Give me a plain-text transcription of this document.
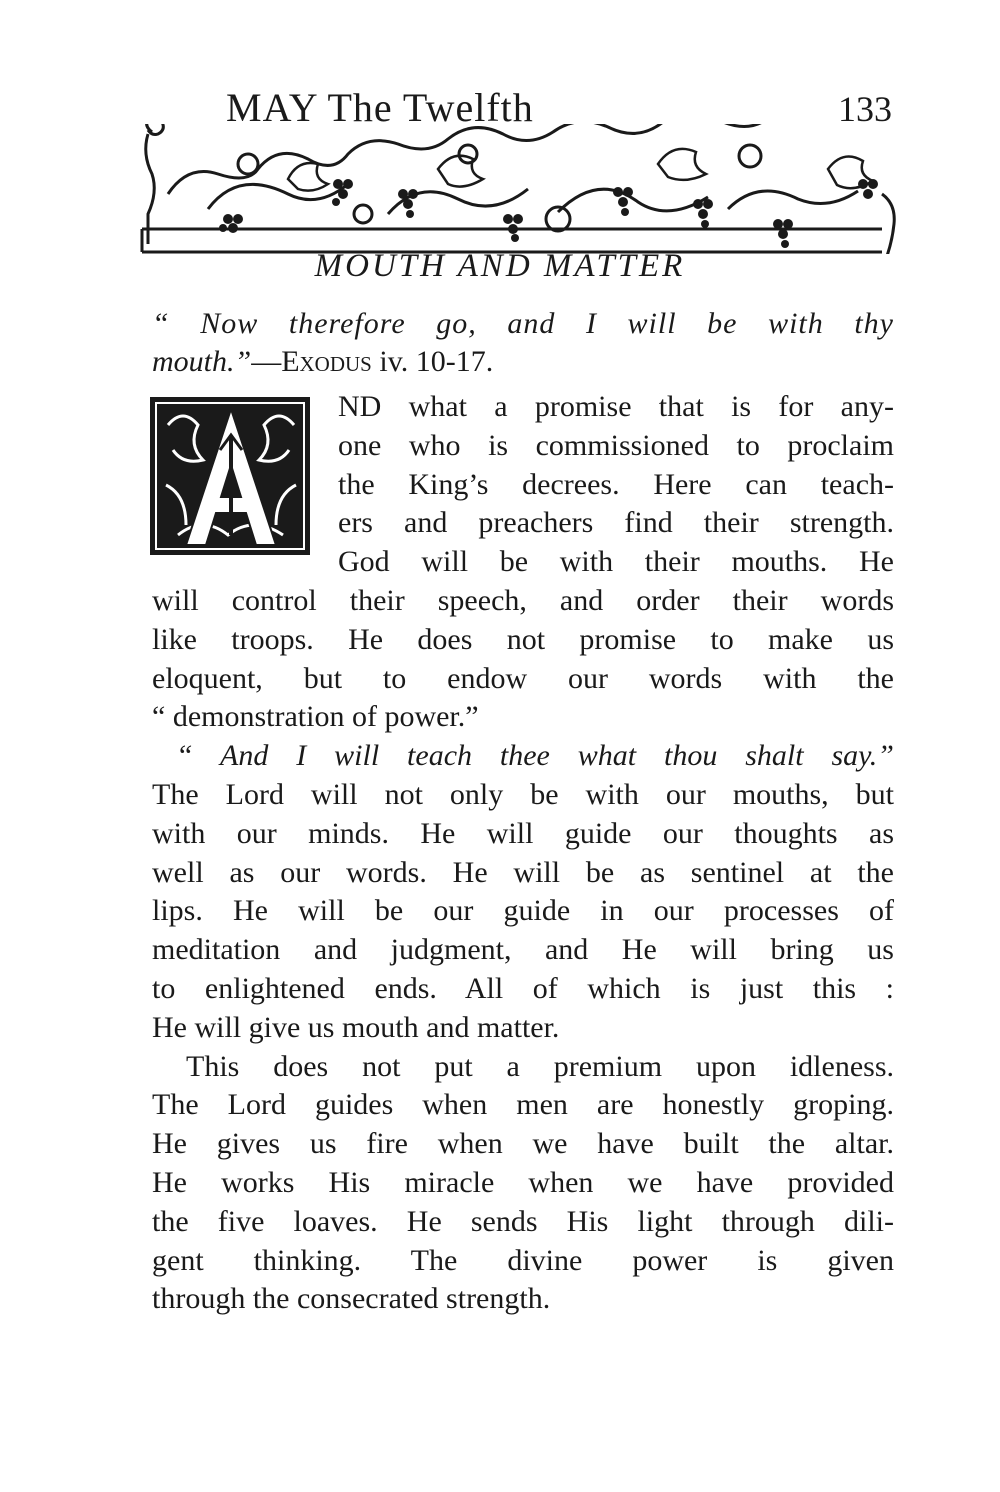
MAY The Twelfth	133
MOUTH AND MATTER
“ Now therefore go, and I will be with thy
mouth.”—Exodus iv. 10-17.
A	ND what a promise that is for any-
one who is commissioned to proclaim
the King’s decrees. Here can teach-
ers and preachers find their strength.
God will be with their mouths. He
will control their speech, and order their words
like troops. He does not promise to make us
eloquent, but to endow our words with the
“ demonstration of power.”
“ And I will teach thee what thou shalt say.”
The Lord will not only be with our mouths, but
with our minds. He will guide our thoughts as
well as our words. He will be as sentinel at the
lips. He will be our guide in our processes of
meditation and judgment, and He will bring us
to enlightened ends. All of which is just this :
He will give us mouth and matter.
This does not put a premium upon idleness.
The Lord guides when men are honestly groping.
He gives us fire when we have built the altar.
He works His miracle when we have provided
the five loaves. He sends His light through dili-
gent thinking. The divine power is given
through the consecrated strength.
